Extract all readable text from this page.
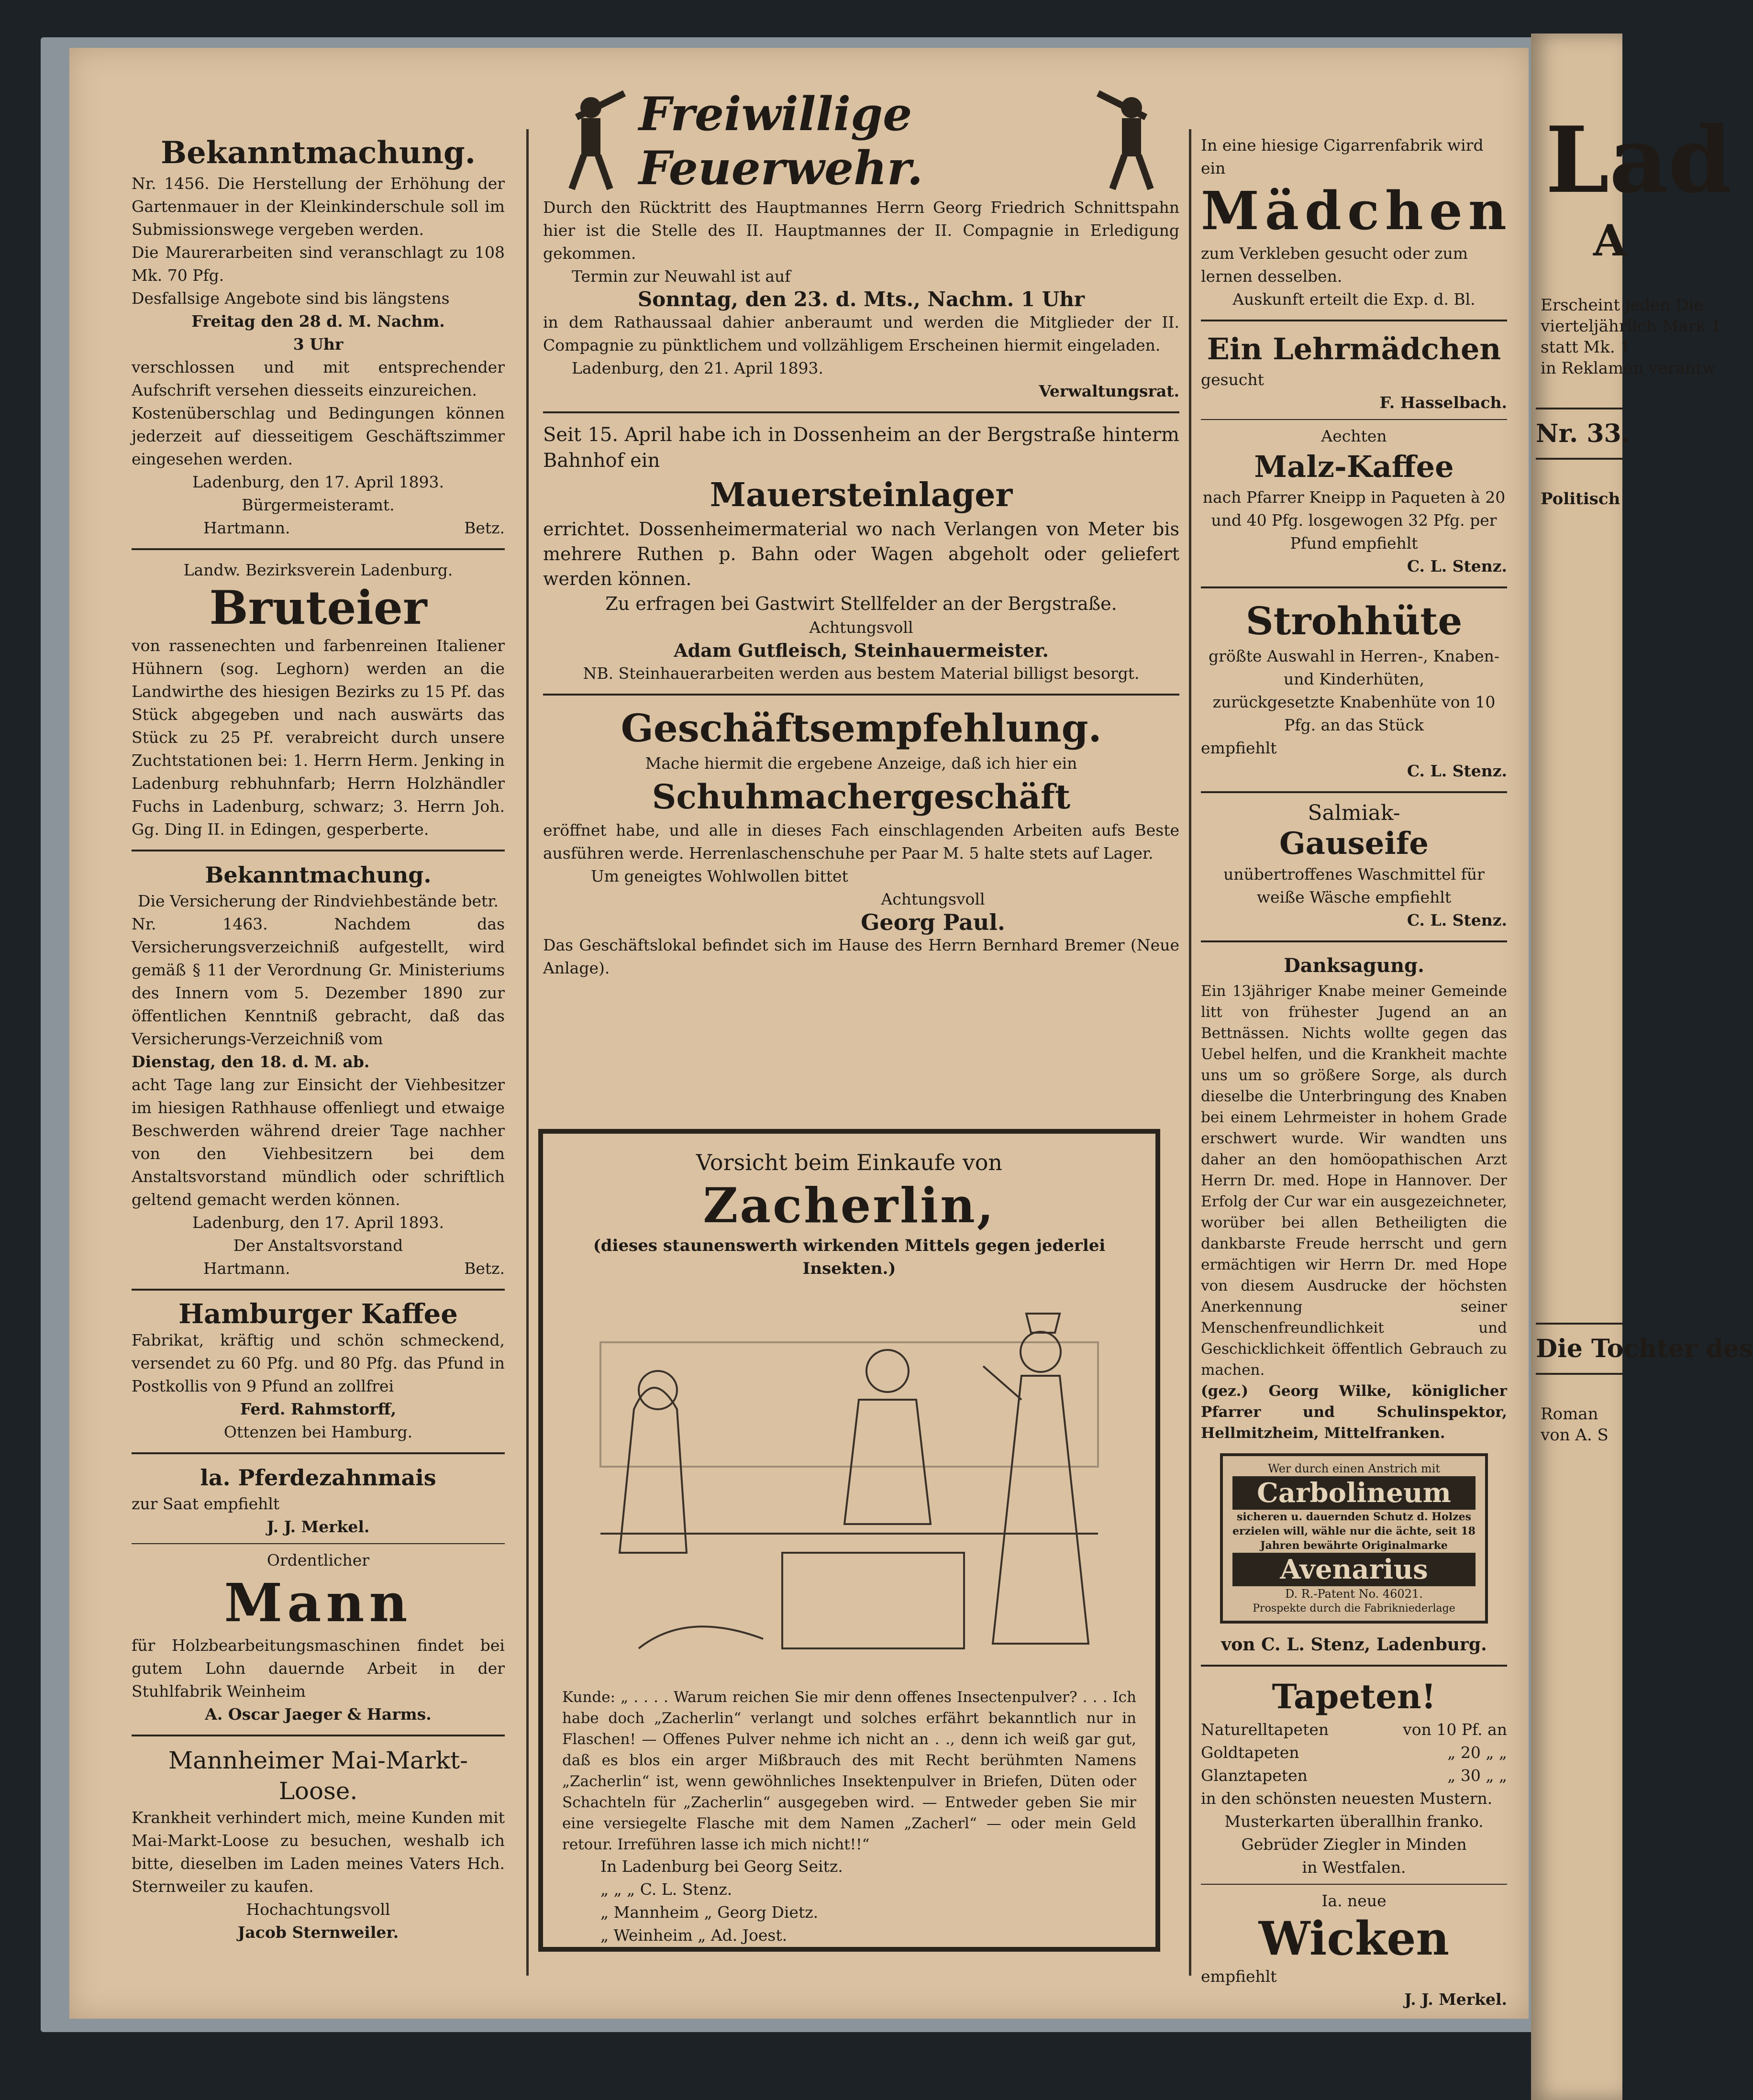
Bekanntmachung.

Nr. 1456. Die Herstellung der Erhöhung der Gartenmauer in der Kleinkinderschule soll im Submissionswege vergeben werden.

Die Maurerarbeiten sind veranschlagt zu 108 Mk. 70 Pfg.

Desfallsige Angebote sind bis längstens

Freitag den 28 d. M. Nachm.

3 Uhr

verschlossen und mit entsprechender Aufschrift versehen diesseits einzureichen.

Kostenüberschlag und Bedingungen können jederzeit auf diesseitigem Geschäftszimmer eingesehen werden.

Ladenburg, den 17. April 1893.

Bürgermeisteramt.

Hartmann.	Betz.

Landw. Bezirksverein Ladenburg.

Bruteier

von rassenechten und farbenreinen Italiener Hühnern (sog. Leghorn) werden an die Landwirthe des hiesigen Bezirks zu 15 Pf. das Stück abgegeben und nach auswärts das Stück zu 25 Pf. verabreicht durch unsere Zuchtstationen bei: 1. Herrn Herm. Jenking in Ladenburg rebhuhnfarb; Herrn Holzhändler Fuchs in Ladenburg, schwarz; 3. Herrn Joh. Gg. Ding II. in Edingen, gesperberte.

Bekanntmachung.

Die Versicherung der Rindviehbestände betr.

Nr. 1463. Nachdem das Versicherungsverzeichniß aufgestellt, wird gemäß § 11 der Verordnung Gr. Ministeriums des Innern vom 5. Dezember 1890 zur öffentlichen Kenntniß gebracht, daß das Versicherungs-Verzeichniß vom

Dienstag, den 18. d. M. ab.

acht Tage lang zur Einsicht der Viehbesitzer im hiesigen Rathhause offenliegt und etwaige Beschwerden während dreier Tage nachher von den Viehbesitzern bei dem Anstaltsvorstand mündlich oder schriftlich geltend gemacht werden können.

Ladenburg, den 17. April 1893.

Der Anstaltsvorstand

Hartmann.	Betz.

Hamburger Kaffee

Fabrikat, kräftig und schön schmeckend, versendet zu 60 Pfg. und 80 Pfg. das Pfund in Postkollis von 9 Pfund an zollfrei

Ferd. Rahmstorff,

Ottenzen bei Hamburg.

la. Pferdezahnmais

zur Saat empfiehlt

J. J. Merkel.

Ordentlicher

Mann

für Holzbearbeitungsmaschinen findet bei gutem Lohn dauernde Arbeit in der Stuhlfabrik Weinheim

A. Oscar Jaeger & Harms.

Mannheimer Mai-Markt-Loose.

Krankheit verhindert mich, meine Kunden mit Mai-Markt-Loose zu besuchen, weshalb ich bitte, dieselben im Laden meines Vaters Hch. Sternweiler zu kaufen.

Hochachtungsvoll

Jacob Sternweiler.

Freiwillige Feuerwehr.

Durch den Rücktritt des Hauptmannes Herrn Georg Friedrich Schnittspahn hier ist die Stelle des II. Hauptmannes der II. Compagnie in Erledigung gekommen.

Termin zur Neuwahl ist auf

Sonntag, den 23. d. Mts., Nachm. 1 Uhr

in dem Rathaussaal dahier anberaumt und werden die Mitglieder der II. Compagnie zu pünktlichem und vollzähligem Erscheinen hiermit eingeladen.

Ladenburg, den 21. April 1893.

Verwaltungsrat.

Seit 15. April habe ich in Dossenheim an der Bergstraße hinterm Bahnhof ein

Mauersteinlager

errichtet. Dossenheimermaterial wo nach Verlangen von Meter bis mehrere Ruthen p. Bahn oder Wagen abgeholt oder geliefert werden können.

Zu erfragen bei Gastwirt Stellfelder an der Bergstraße.

Achtungsvoll

Adam Gutfleisch, Steinhauermeister.

NB. Steinhauerarbeiten werden aus bestem Material billigst besorgt.

Geschäftsempfehlung.

Mache hiermit die ergebene Anzeige, daß ich hier ein

Schuhmachergeschäft

eröffnet habe, und alle in dieses Fach einschlagenden Arbeiten aufs Beste ausführen werde. Herrenlaschenschuhe per Paar M. 5 halte stets auf Lager.

Um geneigtes Wohlwollen bittet

Achtungsvoll

Georg Paul.

Das Geschäftslokal befindet sich im Hause des Herrn Bernhard Bremer (Neue Anlage).

Vorsicht beim Einkaufe von

Zacherlin,

(dieses staunenswerth wirkenden Mittels gegen jederlei Insekten.)

Kunde: „ . . . . Warum reichen Sie mir denn offenes Insectenpulver? . . . Ich habe doch „Zacherlin“ verlangt und solches erfährt bekanntlich nur in Flaschen! — Offenes Pulver nehme ich nicht an . ., denn ich weiß gar gut, daß es blos ein arger Mißbrauch des mit Recht berühmten Namens „Zacherlin“ ist, wenn gewöhnliches Insektenpulver in Briefen, Düten oder Schachteln für „Zacherlin“ ausgegeben wird. — Entweder geben Sie mir eine versiegelte Flasche mit dem Namen „Zacherl“ — oder mein Geld retour. Irreführen lasse ich mich nicht!!“

In Ladenburg bei Georg Seitz.

„ „ „ C. L. Stenz.

„ Mannheim „ Georg Dietz.

„ Weinheim „ Ad. Joest.

In eine hiesige Cigarrenfabrik wird ein

Mädchen

zum Verkleben gesucht oder zum lernen desselben.

Auskunft erteilt die Exp. d. Bl.

Ein Lehrmädchen

gesucht

F. Hasselbach.

Aechten

Malz-Kaffee

nach Pfarrer Kneipp in Paqueten à 20 und 40 Pfg. losgewogen 32 Pfg. per Pfund empfiehlt

C. L. Stenz.

Strohhüte

größte Auswahl in Herren-, Knaben- und Kinderhüten,

zurückgesetzte Knabenhüte von 10 Pfg. an das Stück

empfiehlt

C. L. Stenz.

Salmiak-

Gauseife

unübertroffenes Waschmittel für weiße Wäsche empfiehlt

C. L. Stenz.

Danksagung.

Ein 13jähriger Knabe meiner Gemeinde litt von frühester Jugend an an Bettnässen. Nichts wollte gegen das Uebel helfen, und die Krankheit machte uns um so größere Sorge, als durch dieselbe die Unterbringung des Knaben bei einem Lehrmeister in hohem Grade erschwert wurde. Wir wandten uns daher an den homöopathischen Arzt Herrn Dr. med. Hope in Hannover. Der Erfolg der Cur war ein ausgezeichneter, worüber bei allen Betheiligten die dankbarste Freude herrscht und gern ermächtigen wir Herrn Dr. med Hope von diesem Ausdrucke der höchsten Anerkennung seiner Menschenfreundlichkeit und Geschicklichkeit öffentlich Gebrauch zu machen.

(gez.) Georg Wilke, königlicher Pfarrer und Schulinspektor, Hellmitzheim, Mittelfranken.

Wer durch einen Anstrich mit

Carbolineum

sicheren u. dauernden Schutz d. Holzes erzielen will, wähle nur die ächte, seit 18 Jahren bewährte Originalmarke

Avenarius

D. R.-Patent No. 46021.

Prospekte durch die Fabrikniederlage

von C. L. Stenz, Ladenburg.

Tapeten!

Naturelltapeten	von 10 Pf. an

Goldtapeten	„ 20 „ „

Glanztapeten	„ 30 „ „

in den schönsten neuesten Mustern.

Musterkarten überallhin franko.

Gebrüder Ziegler in Minden

in Westfalen.

Ia. neue

Wicken

empfiehlt

J. J. Merkel.

Lad
A
Erscheint jeden Die
vierteljährlich Mark 1
statt Mk. 1
in Reklamen verantw
Nr. 33.
Politisch
Die Tochter des
Roman von A. S
